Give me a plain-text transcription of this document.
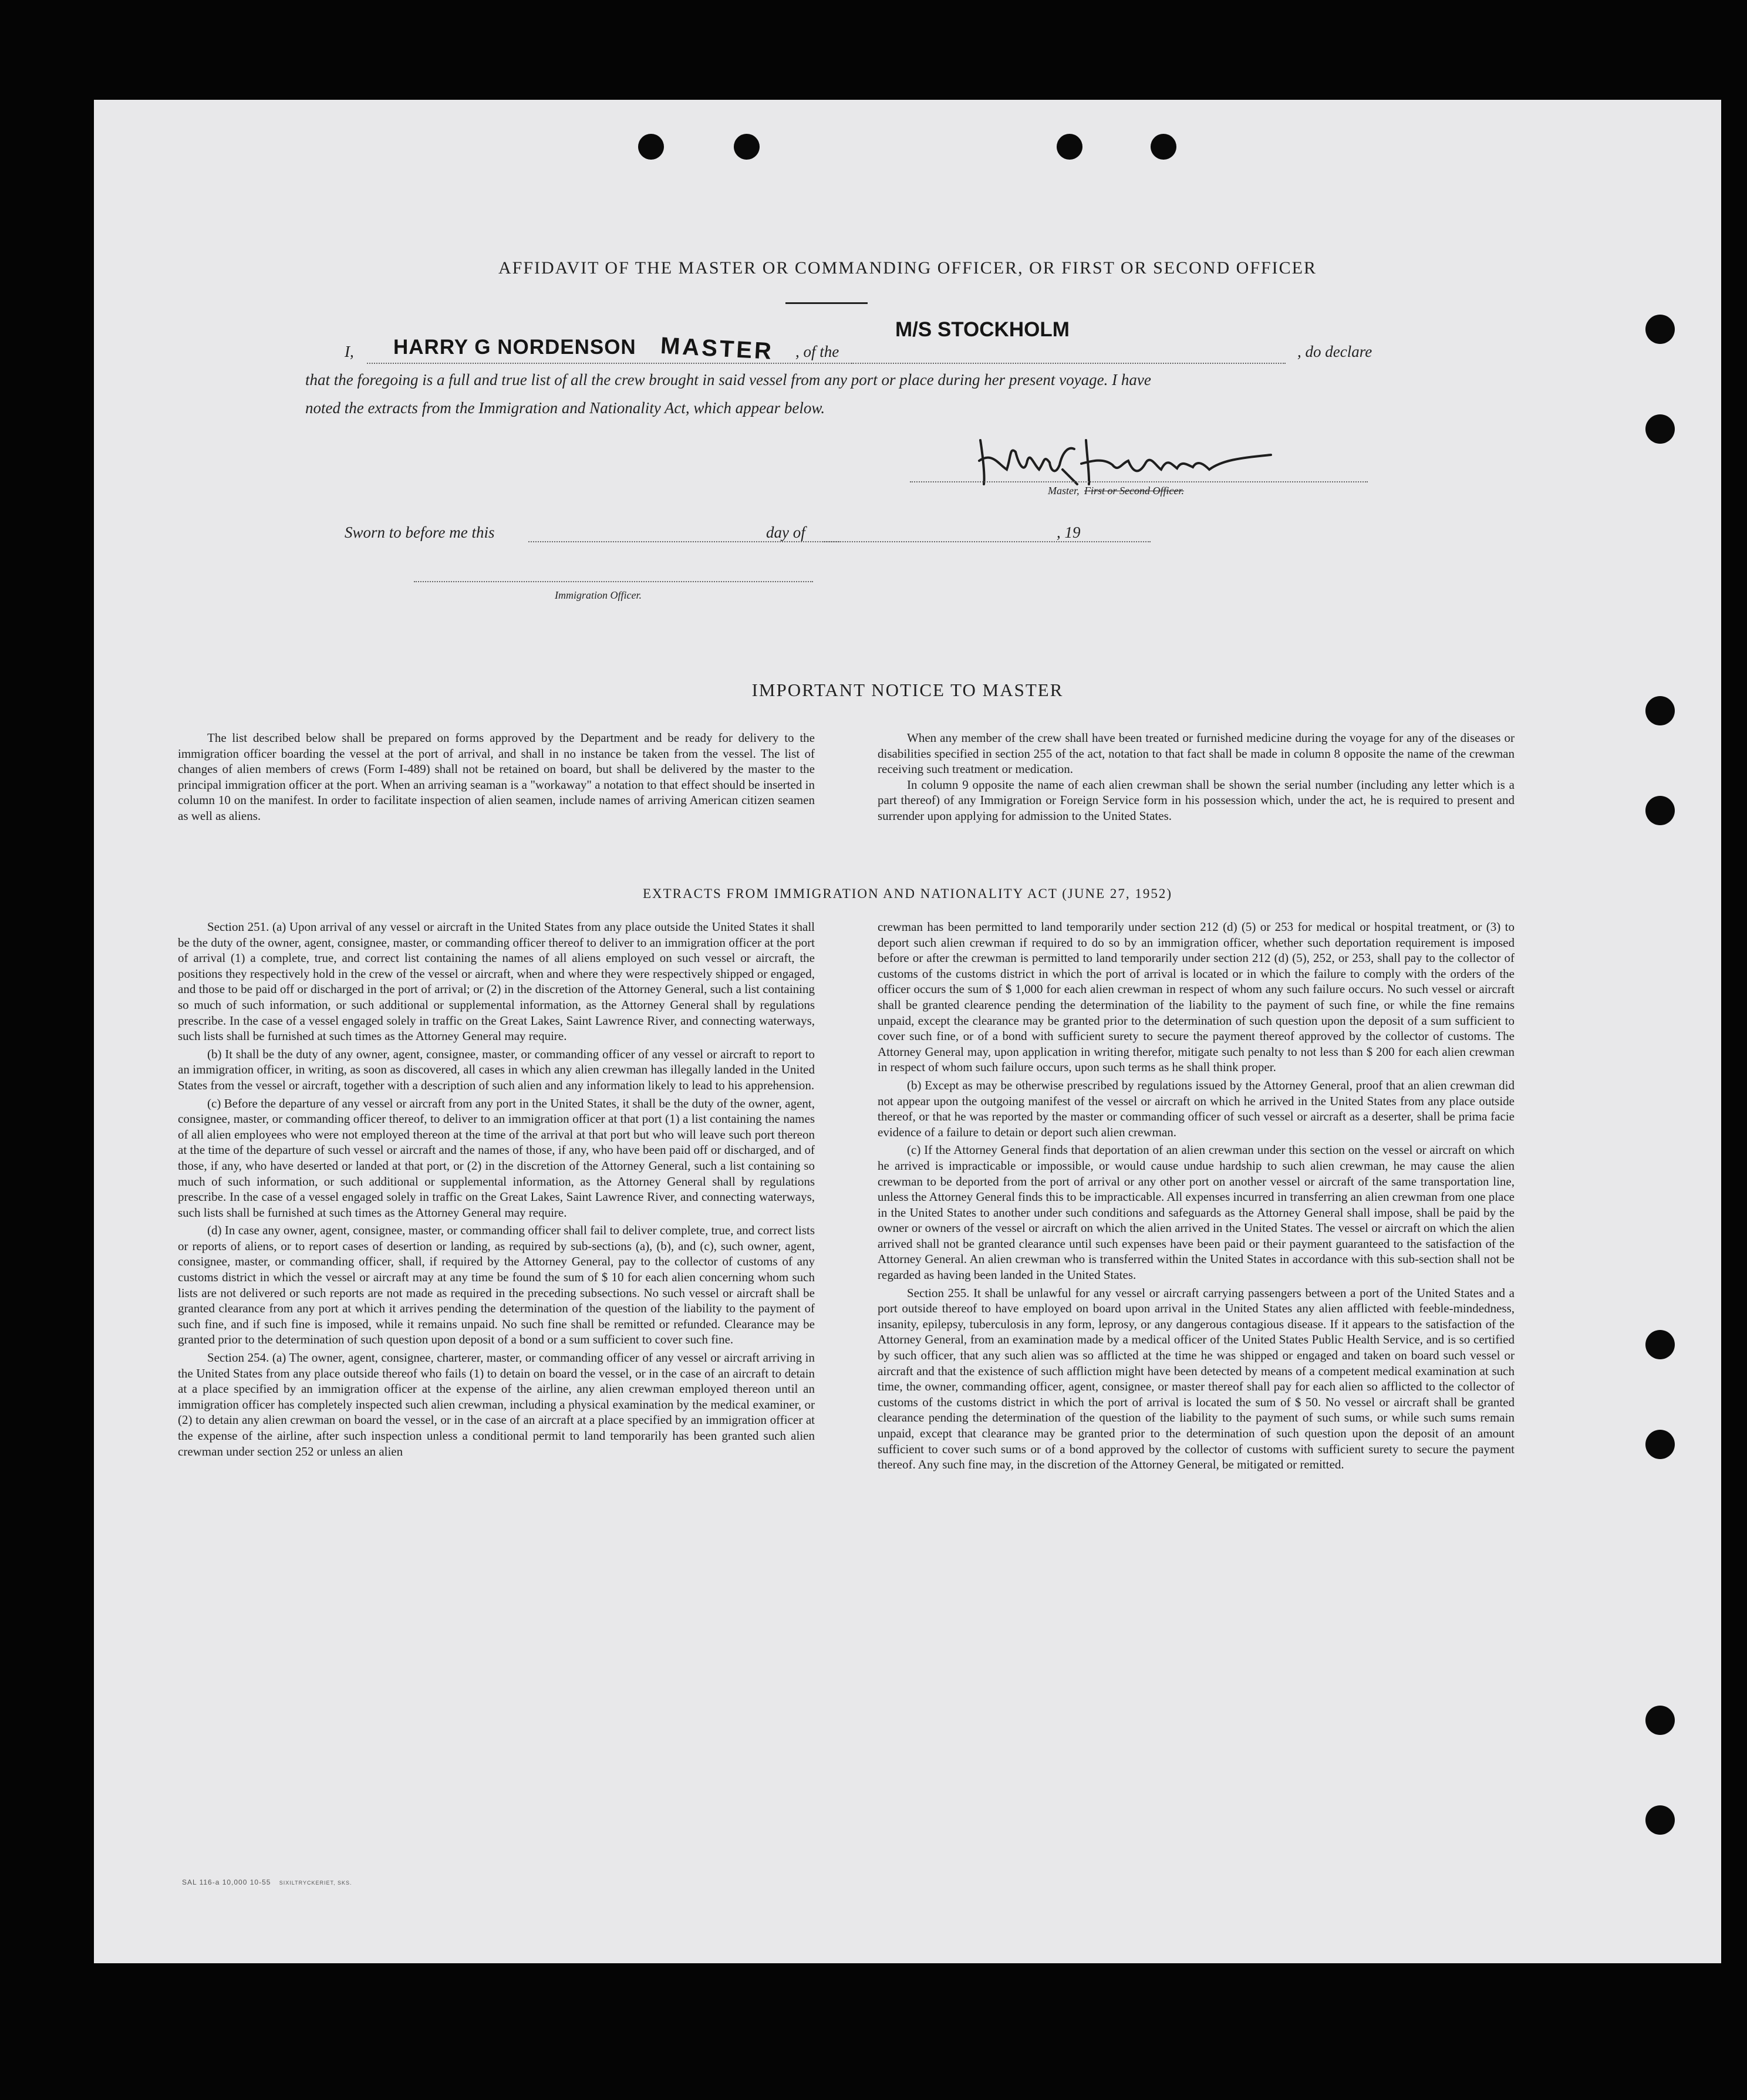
AFFIDAVIT OF THE MASTER OR COMMANDING OFFICER, OR FIRST OR SECOND OFFICER
I, HARRY G NORDENSON MASTER , of the
M/S STOCKHOLM
, do declare
that the foregoing is a full and true list of all the crew brought in said vessel from any port or place during her present voyage. I have
noted the extracts from the Immigration and Nationality Act, which appear below.
Master, First or Second Officer.
Sworn to before me this	day of	, 19
Immigration Officer.
IMPORTANT NOTICE TO MASTER

The list described below shall be prepared on forms approved by the Department and be ready for delivery to the immigration officer boarding the vessel at the port of arrival, and shall in no instance be taken from the vessel. The list of changes of alien members of crews (Form I-489) shall not be retained on board, but shall be delivered by the master to the principal immigration officer at the port. When an arriving seaman is a "workaway" a notation to that effect should be inserted in column 10 on the manifest. In order to facilitate inspection of alien seamen, include names of arriving American citizen seamen as well as aliens.

When any member of the crew shall have been treated or furnished medicine during the voyage for any of the diseases or disabilities specified in section 255 of the act, notation to that fact shall be made in column 8 opposite the name of the crewman receiving such treatment or medication.

In column 9 opposite the name of each alien crewman shall be shown the serial number (including any letter which is a part thereof) of any Immigration or Foreign Service form in his possession which, under the act, he is required to present and surrender upon applying for admission to the United States.

EXTRACTS FROM IMMIGRATION AND NATIONALITY ACT (JUNE 27, 1952)

Section 251. (a) Upon arrival of any vessel or aircraft in the United States from any place outside the United States it shall be the duty of the owner, agent, consignee, master, or commanding officer thereof to deliver to an immigration officer at the port of arrival (1) a complete, true, and correct list containing the names of all aliens employed on such vessel or aircraft, the positions they respectively hold in the crew of the vessel or aircraft, when and where they were respectively shipped or engaged, and those to be paid off or discharged in the port of arrival; or (2) in the discretion of the Attorney General, such a list containing so much of such information, or such additional or supplemental information, as the Attorney General shall by regulations prescribe. In the case of a vessel engaged solely in traffic on the Great Lakes, Saint Lawrence River, and connecting waterways, such lists shall be furnished at such times as the Attorney General may require.

(b) It shall be the duty of any owner, agent, consignee, master, or commanding officer of any vessel or aircraft to report to an immigration officer, in writing, as soon as discovered, all cases in which any alien crewman has illegally landed in the United States from the vessel or aircraft, together with a description of such alien and any information likely to lead to his apprehension.

(c) Before the departure of any vessel or aircraft from any port in the United States, it shall be the duty of the owner, agent, consignee, master, or commanding officer thereof, to deliver to an immigration officer at that port (1) a list containing the names of all alien employees who were not employed thereon at the time of the arrival at that port but who will leave such port thereon at the time of the departure of such vessel or aircraft and the names of those, if any, who have been paid off or discharged, and of those, if any, who have deserted or landed at that port, or (2) in the discretion of the Attorney General, such a list containing so much of such information, or such additional or supplemental information, as the Attorney General shall by regulations prescribe. In the case of a vessel engaged solely in traffic on the Great Lakes, Saint Lawrence River, and connecting waterways, such lists shall be furnished at such times as the Attorney General may require.

(d) In case any owner, agent, consignee, master, or commanding officer shall fail to deliver complete, true, and correct lists or reports of aliens, or to report cases of desertion or landing, as required by sub-sections (a), (b), and (c), such owner, agent, consignee, master, or commanding officer, shall, if required by the Attorney General, pay to the collector of customs of any customs district in which the vessel or aircraft may at any time be found the sum of $ 10 for each alien concerning whom such lists are not delivered or such reports are not made as required in the preceding subsections. No such vessel or aircraft shall be granted clearance from any port at which it arrives pending the determination of the question of the liability to the payment of such fine, and if such fine is imposed, while it remains unpaid. No such fine shall be remitted or refunded. Clearance may be granted prior to the determination of such question upon deposit of a bond or a sum sufficient to cover such fine.

Section 254. (a) The owner, agent, consignee, charterer, master, or commanding officer of any vessel or aircraft arriving in the United States from any place outside thereof who fails (1) to detain on board the vessel, or in the case of an aircraft to detain at a place specified by an immigration officer at the expense of the airline, any alien crewman employed thereon until an immigration officer has completely inspected such alien crewman, including a physical examination by the medical examiner, or (2) to detain any alien crewman on board the vessel, or in the case of an aircraft at a place specified by an immigration officer at the expense of the airline, after such inspection unless a conditional permit to land temporarily has been granted such alien crewman under section 252 or unless an alien

crewman has been permitted to land temporarily under section 212 (d) (5) or 253 for medical or hospital treatment, or (3) to deport such alien crewman if required to do so by an immigration officer, whether such deportation requirement is imposed before or after the crewman is permitted to land temporarily under section 212 (d) (5), 252, or 253, shall pay to the collector of customs of the customs district in which the port of arrival is located or in which the failure to comply with the orders of the officer occurs the sum of $ 1,000 for each alien crewman in respect of whom any such failure occurs. No such vessel or aircraft shall be granted clearence pending the determination of the liability to the payment of such fine, or while the fine remains unpaid, except the clearance may be granted prior to the determination of such question upon the deposit of a sum sufficient to cover such fine, or of a bond with sufficient surety to secure the payment thereof approved by the collector of customs. The Attorney General may, upon application in writing therefor, mitigate such penalty to not less than $ 200 for each alien crewman in respect of whom such failure occurs, upon such terms as he shall think proper.

(b) Except as may be otherwise prescribed by regulations issued by the Attorney General, proof that an alien crewman did not appear upon the outgoing manifest of the vessel or aircraft on which he arrived in the United States from any place outside thereof, or that he was reported by the master or commanding officer of such vessel or aircraft as a deserter, shall be prima facie evidence of a failure to detain or deport such alien crewman.

(c) If the Attorney General finds that deportation of an alien crewman under this section on the vessel or aircraft on which he arrived is impracticable or impossible, or would cause undue hardship to such alien crewman, he may cause the alien crewman to be deported from the port of arrival or any other port on another vessel or aircraft of the same transportation line, unless the Attorney General finds this to be impracticable. All expenses incurred in transferring an alien crewman from one place in the United States to another under such conditions and safeguards as the Attorney General shall impose, shall be paid by the owner or owners of the vessel or aircraft on which the alien arrived in the United States. The vessel or aircraft on which the alien arrived shall not be granted clearance until such expenses have been paid or their payment guaranteed to the satisfaction of the Attorney General. An alien crewman who is transferred within the United States in accordance with this sub-section shall not be regarded as having been landed in the United States.

Section 255. It shall be unlawful for any vessel or aircraft carrying passengers between a port of the United States and a port outside thereof to have employed on board upon arrival in the United States any alien afflicted with feeble-mindedness, insanity, epilepsy, tuberculosis in any form, leprosy, or any dangerous contagious disease. If it appears to the satisfaction of the Attorney General, from an examination made by a medical officer of the United States Public Health Service, and is so certified by such officer, that any such alien was so afflicted at the time he was shipped or engaged and taken on board such vessel or aircraft and that the existence of such affliction might have been detected by means of a competent medical examination at such time, the owner, commanding officer, agent, consignee, or master thereof shall pay for each alien so afflicted to the collector of customs of the customs district in which the port of arrival is located the sum of $ 50. No vessel or aircraft shall be granted clearance pending the determination of the question of the liability to the payment of such sums, or while such sums remain unpaid, except that clearance may be granted prior to the determination of such question upon the deposit of an amount sufficient to cover such sums or of a bond approved by the collector of customs with sufficient surety to secure the payment thereof. Any such fine may, in the discretion of the Attorney General, be mitigated or remitted.

SAL 116-a 10,000 10-55 SIXILTRYCKERIET, SKS.
